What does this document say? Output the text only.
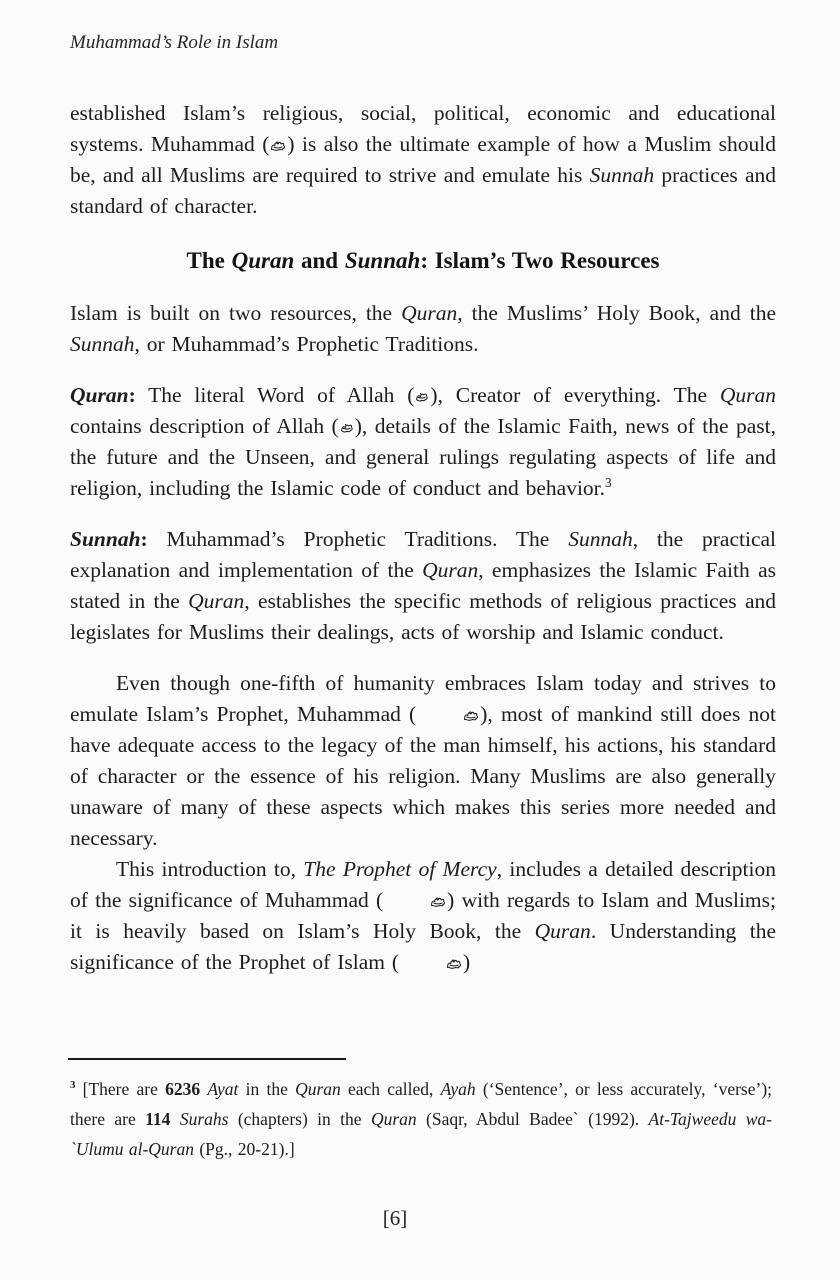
Muhammad’s Role in Islam

established Islam’s religious, social, political, economic and educational systems. Muhammad ( ) is also the ultimate example of how a Muslim should be, and all Muslims are required to strive and emulate his Sunnah practices and standard of character.

The Quran and Sunnah: Islam’s Two Resources

Islam is built on two resources, the Quran, the Muslims’ Holy Book, and the Sunnah, or Muhammad’s Prophetic Traditions.

Quran: The literal Word of Allah ( ), Creator of everything. The Quran contains description of Allah ( ), details of the Islamic Faith, news of the past, the future and the Unseen, and general rulings regulating aspects of life and religion, including the Islamic code of conduct and behavior.$^3$

Sunnah: Muhammad’s Prophetic Traditions. The Sunnah, the practical explanation and implementation of the Quran, emphasizes the Islamic Faith as stated in the Quran, establishes the specific methods of religious practices and legislates for Muslims their dealings, acts of worship and Islamic conduct.

Even though one-fifth of humanity embraces Islam today and strives to emulate Islam’s Prophet, Muhammad (	), most of mankind still does not have adequate access to the legacy of the man himself, his actions, his standard of character or the essence of his religion. Many Muslims are also generally unaware of many of these aspects which makes this series more needed and necessary.

This introduction to, The Prophet of Mercy, includes a detailed description of the significance of Muhammad (	) with regards to Islam and Muslims; it is heavily based on Islam’s Holy Book, the Quran. Understanding the significance of the Prophet of Islam (	)

$^3$ [There are 6236 Ayat in the Quran each called, Ayah (‘Sentence’, or less accurately, ‘verse’); there are 114 Surahs (chapters) in the Quran (Saqr, Abdul Badee` (1992). At-Tajweedu wa-`Ulumu al-Quran (Pg., 20-21).]

[6]
